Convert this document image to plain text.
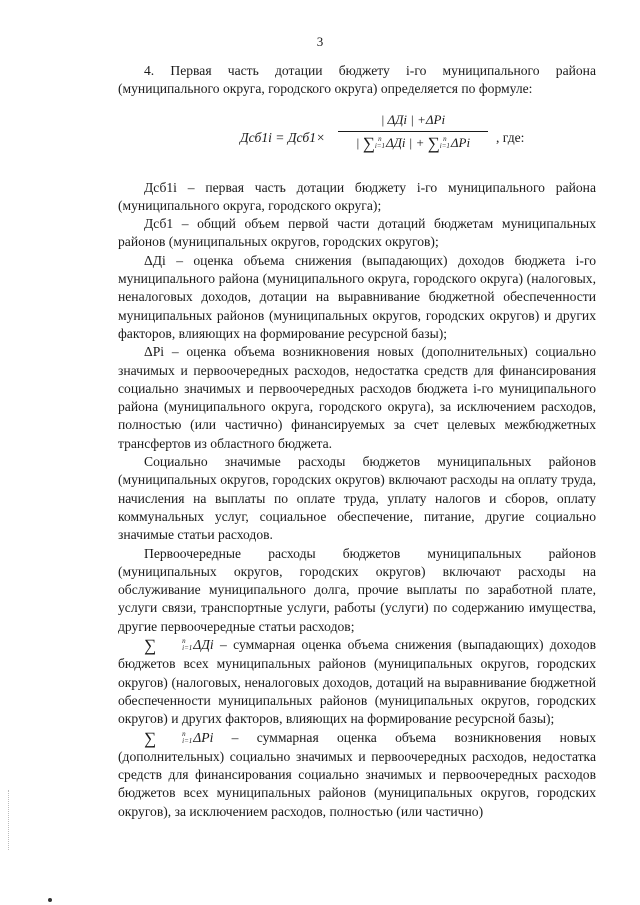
3

4. Первая часть дотации бюджету i-го муниципального района (муниципального округа, городского округа) определяется по формуле:

Дсб1i = Дсб1×
| ΔДi | +ΔPi
| ∑ n
i=1 ΔДi | + ∑ n
i=1 ΔPi	, где:

Дсб1i – первая часть дотации бюджету i-го муниципального района (муниципального округа, городского округа);

Дсб1 – общий объем первой части дотаций бюджетам муниципальных районов (муниципальных округов, городских округов);

ΔДi – оценка объема снижения (выпадающих) доходов бюджета i-го муниципального района (муниципального округа, городского округа) (налоговых, неналоговых доходов, дотации на выравнивание бюджетной обеспеченности муниципальных районов (муниципальных округов, городских округов) и других факторов, влияющих на формирование ресурсной базы);

ΔPi – оценка объема возникновения новых (дополнительных) социально значимых и первоочередных расходов, недостатка средств для финансирования социально значимых и первоочередных расходов бюджета i-го муниципального района (муниципального округа, городского округа), за исключением расходов, полностью (или частично) финансируемых за счет целевых межбюджетных трансфертов из областного бюджета.

Социально значимые расходы бюджетов муниципальных районов (муниципальных округов, городских округов) включают расходы на оплату труда, начисления на выплаты по оплате труда, уплату налогов и сборов, оплату коммунальных услуг, социальное обеспечение, питание, другие социально значимые статьи расходов.

Первоочередные расходы бюджетов муниципальных районов (муниципальных округов, городских округов) включают расходы на обслуживание муниципального долга, прочие выплаты по заработной плате, услуги связи, транспортные услуги, работы (услуги) по содержанию имущества, другие первоочередные статьи расходов;

∑	n
i=1 ΔДi – суммарная оценка объема снижения (выпадающих) доходов бюджетов всех муниципальных районов (муниципальных округов, городских округов) (налоговых, неналоговых доходов, дотаций на выравнивание бюджетной обеспеченности муниципальных районов (муниципальных округов, городских округов) и других факторов, влияющих на формирование ресурсной базы);

∑	n
i=1 ΔPi – суммарная оценка объема возникновения новых (дополнительных) социально значимых и первоочередных расходов, недостатка средств для финансирования социально значимых и первоочередных расходов бюджетов всех муниципальных районов (муниципальных округов, городских округов), за исключением расходов, полностью (или частично)
